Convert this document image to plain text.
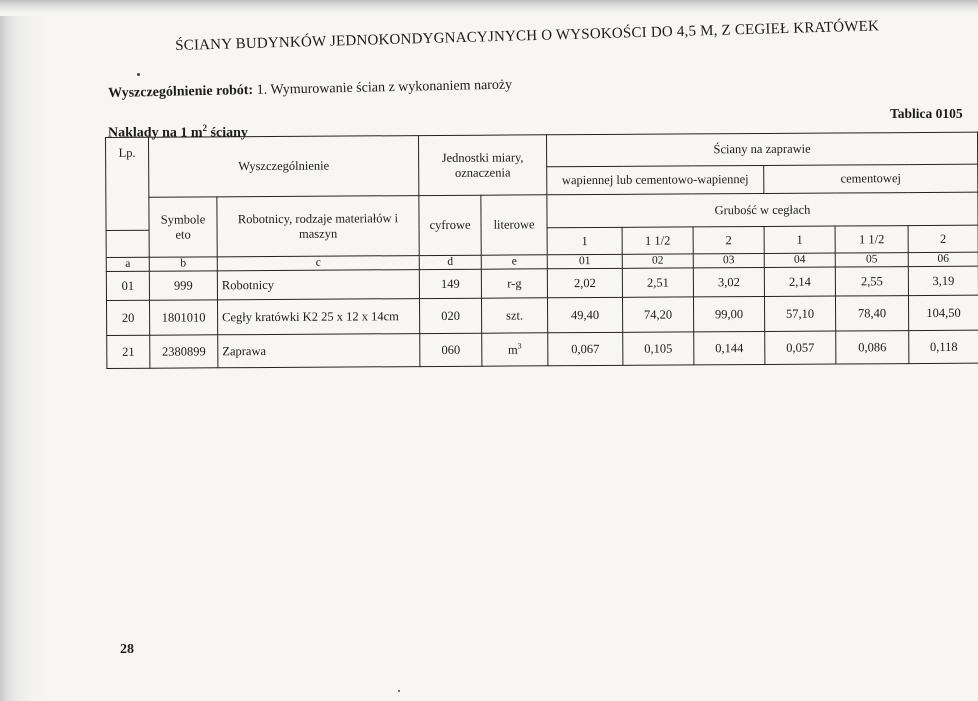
ŚCIANY BUDYNKÓW JEDNOKONDYGNACYJNYCH O WYSOKOŚCI DO 4,5 M, Z CEGIEŁ KRATÓWEK
Wyszczególnienie robót: 1. Wymurowanie ścian z wykonaniem naroży
Tablica 0105
Naklady na 1 $m^2$ ściany
Lp.	Wyszczególnienie		Jednostki miary, oznaczenia		Ściany na zaprawie					
					wapiennej lub cementowo-wapiennej			cementowej		
	Symbole eto	Robotnicy, rodzaje materiałów i maszyn	cyfrowe	literowe	Grubość w cegłach					
					1	1 1/2	2	1	1 1/2	2
a	b	c	d	e	01	02	03	04	05	06
01	999	Robotnicy	149	r-g	2,02	2,51	3,02	2,14	2,55	3,19
20	1801010	Cegły kratówki K2 25 x 12 x 14cm	020	szt.	49,40	74,20	99,00	57,10	78,40	104,50
21	2380899	Zaprawa	060	$m^3$	0,067	0,105	0,144	0,057	0,086	0,118
28
